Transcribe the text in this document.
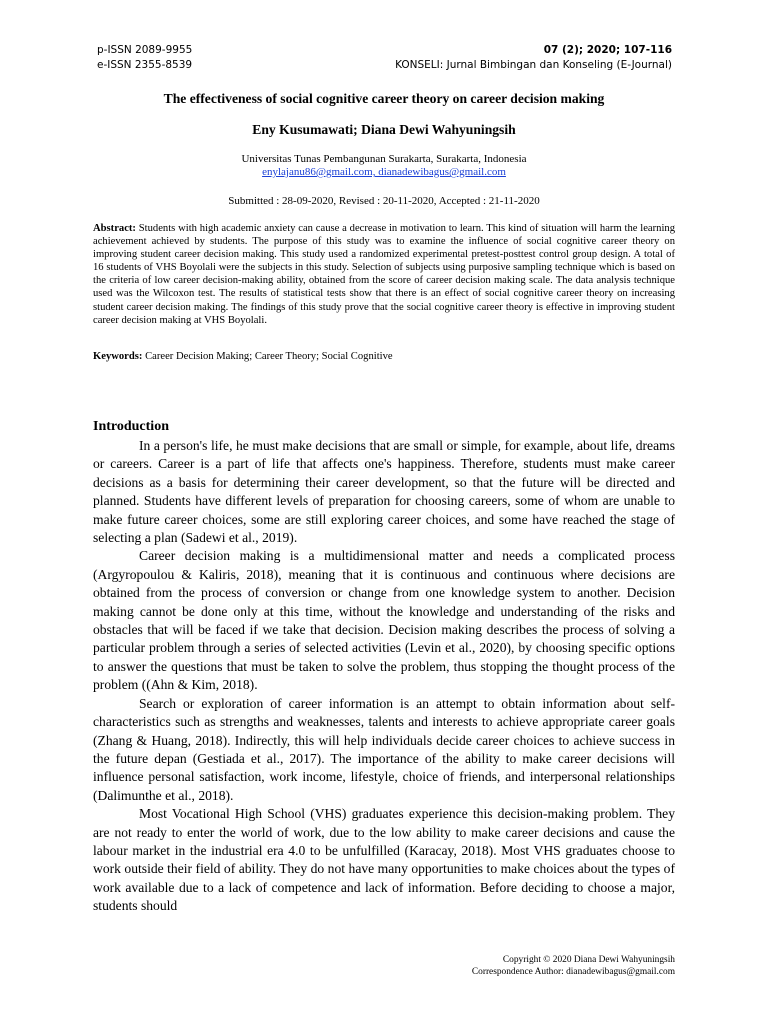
p-ISSN 2089-9955
e-ISSN 2355-8539
07 (2); 2020; 107-116
KONSELI: Jurnal Bimbingan dan Konseling (E-Journal)
The effectiveness of social cognitive career theory on career decision making
Eny Kusumawati; Diana Dewi Wahyuningsih
Universitas Tunas Pembangunan Surakarta, Surakarta, Indonesia
enylajanu86@gmail.com, dianadewibagus@gmail.com
Submitted : 28-09-2020, Revised : 20-11-2020, Accepted : 21-11-2020
Abstract: Students with high academic anxiety can cause a decrease in motivation to learn. This kind of situation will harm the learning achievement achieved by students. The purpose of this study was to examine the influence of social cognitive career theory on improving student career decision making. This study used a randomized experimental pretest-posttest control group design. A total of 16 students of VHS Boyolali were the subjects in this study. Selection of subjects using purposive sampling technique which is based on the criteria of low career decision-making ability, obtained from the score of career decision making scale. The data analysis technique used was the Wilcoxon test. The results of statistical tests show that there is an effect of social cognitive career theory on increasing student career decision making. The findings of this study prove that the social cognitive career theory is effective in improving student career decision making at VHS Boyolali.
Keywords: Career Decision Making; Career Theory; Social Cognitive
Introduction

In a person's life, he must make decisions that are small or simple, for example, about life, dreams or careers. Career is a part of life that affects one's happiness. Therefore, students must make career decisions as a basis for determining their career development, so that the future will be directed and planned. Students have different levels of preparation for choosing careers, some of whom are unable to make future career choices, some are still exploring career choices, and some have reached the stage of selecting a plan (Sadewi et al., 2019).

Career decision making is a multidimensional matter and needs a complicated process (Argyropoulou & Kaliris, 2018), meaning that it is continuous and continuous where decisions are obtained from the process of conversion or change from one knowledge system to another. Decision making cannot be done only at this time, without the knowledge and understanding of the risks and obstacles that will be faced if we take that decision. Decision making describes the process of solving a particular problem through a series of selected activities (Levin et al., 2020), by choosing specific options to answer the questions that must be taken to solve the problem, thus stopping the thought process of the problem ((Ahn & Kim, 2018).

Search or exploration of career information is an attempt to obtain information about self-characteristics such as strengths and weaknesses, talents and interests to achieve appropriate career goals (Zhang & Huang, 2018). Indirectly, this will help individuals decide career choices to achieve success in the future depan (Gestiada et al., 2017). The importance of the ability to make career decisions will influence personal satisfaction, work income, lifestyle, choice of friends, and interpersonal relationships (Dalimunthe et al., 2018).

Most Vocational High School (VHS) graduates experience this decision-making problem. They are not ready to enter the world of work, due to the low ability to make career decisions and cause the labour market in the industrial era 4.0 to be unfulfilled (Karacay, 2018). Most VHS graduates choose to work outside their field of ability. They do not have many opportunities to make choices about the types of work available due to a lack of competence and lack of information. Before deciding to choose a major, students should

Copyright © 2020 Diana Dewi Wahyuningsih
Correspondence Author: dianadewibagus@gmail.com
